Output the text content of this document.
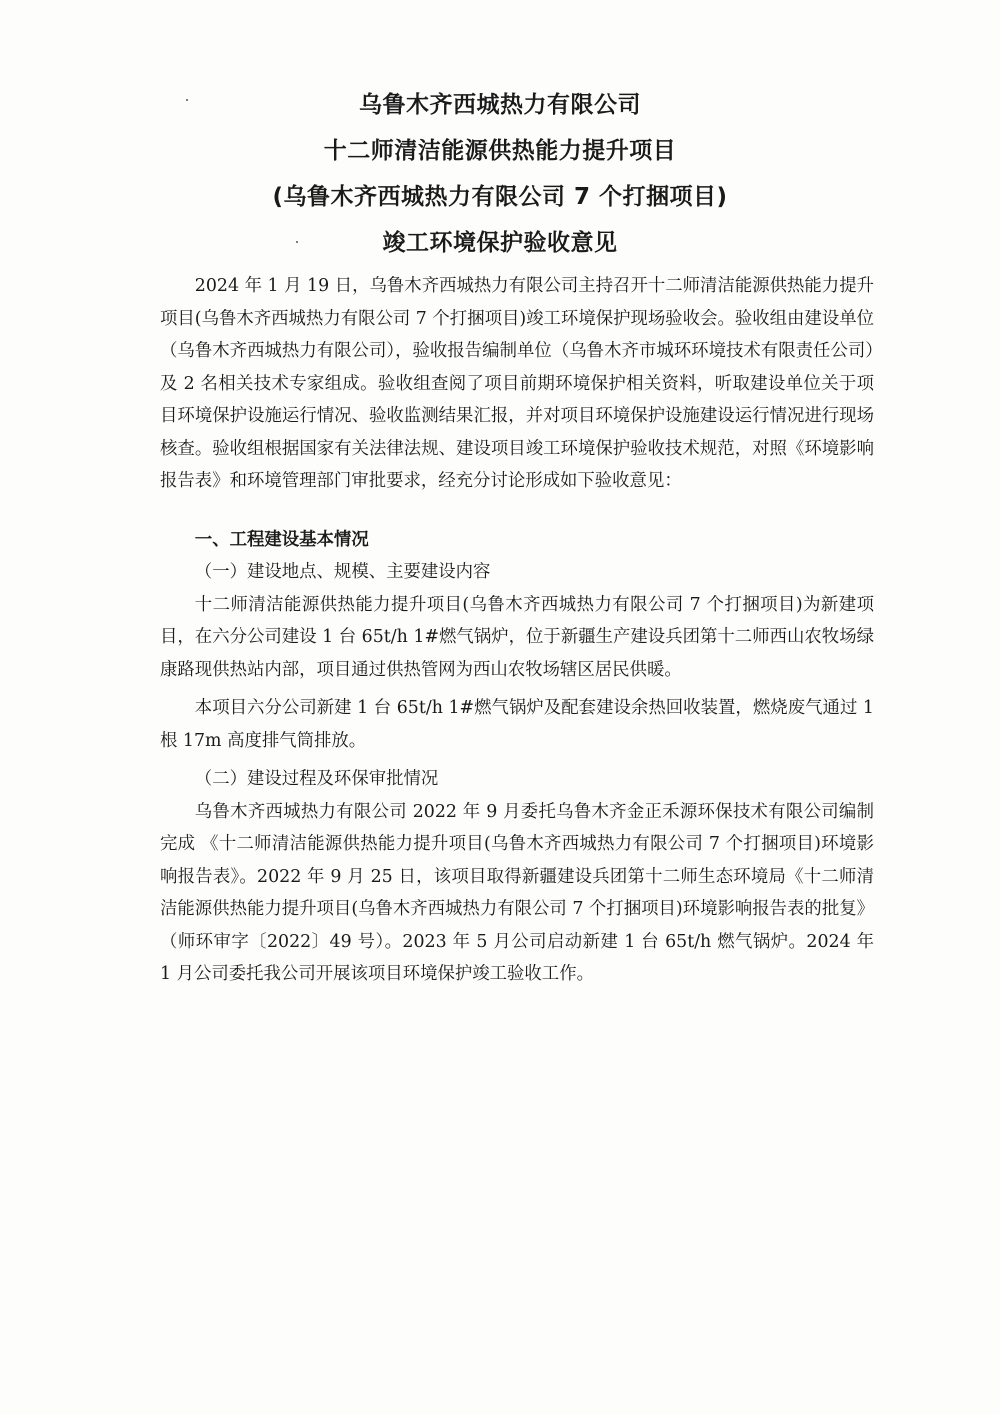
乌鲁木齐西城热力有限公司
十二师清洁能源供热能力提升项目
(乌鲁木齐西城热力有限公司 7 个打捆项目)
竣工环境保护验收意见

2024 年 1 月 19 日，乌鲁木齐西城热力有限公司主持召开十二师清洁能源供热能力提升项目(乌鲁木齐西城热力有限公司 7 个打捆项目)竣工环境保护现场验收会。验收组由建设单位（乌鲁木齐西城热力有限公司），验收报告编制单位（乌鲁木齐市城环环境技术有限责任公司）及 2 名相关技术专家组成。验收组查阅了项目前期环境保护相关资料，听取建设单位关于项目环境保护设施运行情况、验收监测结果汇报，并对项目环境保护设施建设运行情况进行现场核查。验收组根据国家有关法律法规、建设项目竣工环境保护验收技术规范，对照《环境影响报告表》和环境管理部门审批要求，经充分讨论形成如下验收意见：

一、工程建设基本情况

（一）建设地点、规模、主要建设内容

十二师清洁能源供热能力提升项目(乌鲁木齐西城热力有限公司 7 个打捆项目)为新建项目，在六分公司建设 1 台 65t/h 1#燃气锅炉，位于新疆生产建设兵团第十二师西山农牧场绿康路现供热站内部，项目通过供热管网为西山农牧场辖区居民供暖。

本项目六分公司新建 1 台 65t/h 1#燃气锅炉及配套建设余热回收装置，燃烧废气通过 1 根 17m 高度排气筒排放。

（二）建设过程及环保审批情况

乌鲁木齐西城热力有限公司 2022 年 9 月委托乌鲁木齐金正禾源环保技术有限公司编制完成 《十二师清洁能源供热能力提升项目(乌鲁木齐西城热力有限公司 7 个打捆项目)环境影响报告表》。2022 年 9 月 25 日，该项目取得新疆建设兵团第十二师生态环境局《十二师清洁能源供热能力提升项目(乌鲁木齐西城热力有限公司 7 个打捆项目)环境影响报告表的批复》（师环审字〔2022〕49 号）。2023 年 5 月公司启动新建 1 台 65t/h 燃气锅炉。2024 年 1 月公司委托我公司开展该项目环境保护竣工验收工作。
